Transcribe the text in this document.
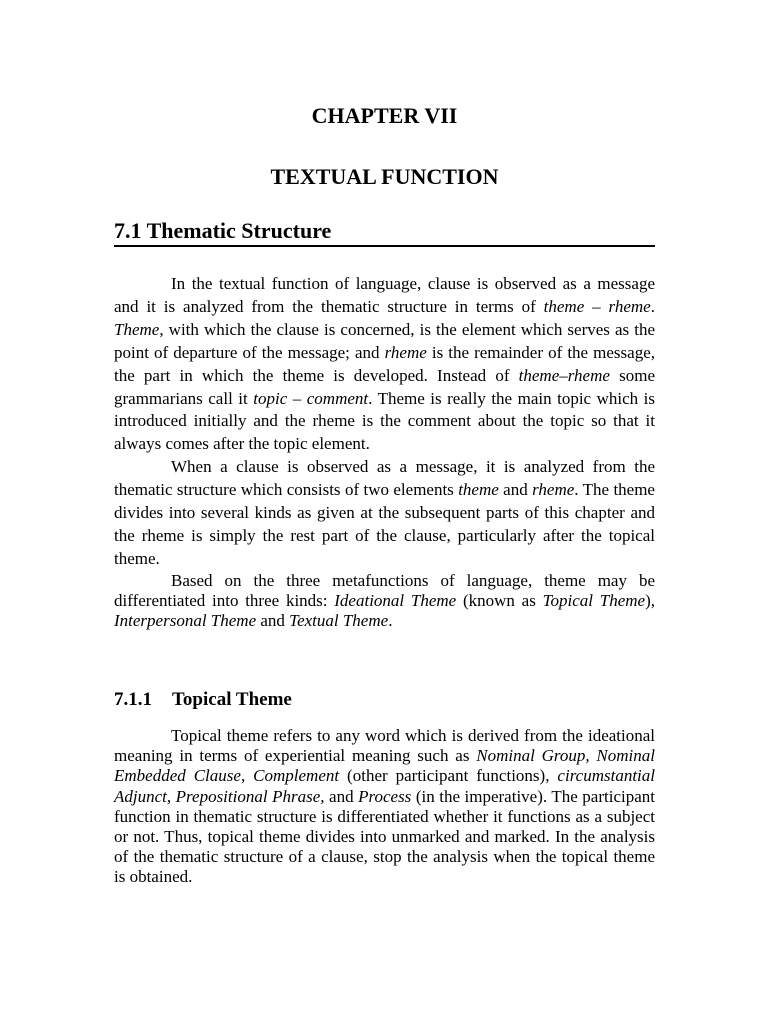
CHAPTER VII
TEXTUAL FUNCTION
7.1 Thematic Structure

In the textual function of language, clause is observed as a message and it is analyzed from the thematic structure in terms of theme – rheme. Theme, with which the clause is concerned, is the element which serves as the point of departure of the message; and rheme is the remainder of the message, the part in which the theme is developed. Instead of theme–rheme some grammarians call it topic – comment. Theme is really the main topic which is introduced initially and the rheme is the comment about the topic so that it always comes after the topic element.

When a clause is observed as a message, it is analyzed from the thematic structure which consists of two elements theme and rheme. The theme divides into several kinds as given at the subsequent parts of this chapter and the rheme is simply the rest part of the clause, particularly after the topical theme.

Based on the three metafunctions of language, theme may be differentiated into three kinds: Ideational Theme (known as Topical Theme), Interpersonal Theme and Textual Theme.

7.1.1 Topical Theme

Topical theme refers to any word which is derived from the ideational meaning in terms of experiential meaning such as Nominal Group, Nominal Embedded Clause, Complement (other participant functions), circumstantial Adjunct, Prepositional Phrase, and Process (in the imperative). The participant function in thematic structure is differentiated whether it functions as a subject or not. Thus, topical theme divides into unmarked and marked. In the analysis of the thematic structure of a clause, stop the analysis when the topical theme is obtained.
